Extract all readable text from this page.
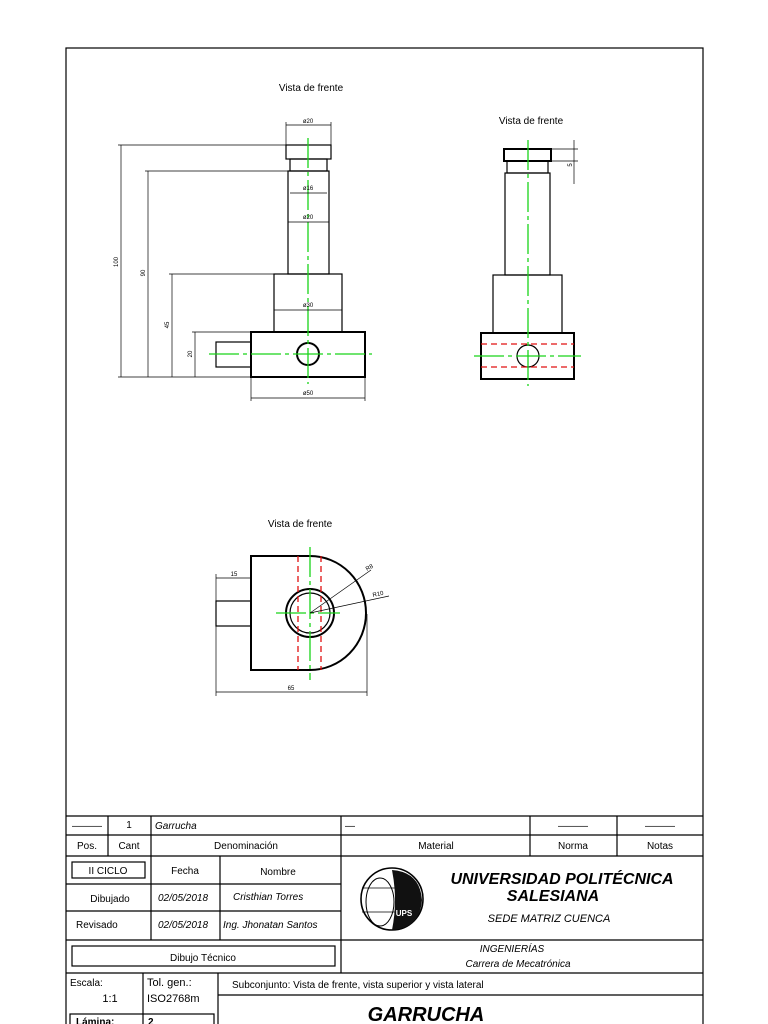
Vista de frente
ø20
ø16
ø20
ø30
ø50
100
90
45
20
Vista de frente
5
Vista de frente
R8
R10
15
65
——— 1 Garrucha	—	———	———
Pos. Cant	Denominación	Material	Norma	Notas
II CICLO	Fecha	Nombre
Dibujado	02/05/2018 Cristhian Torres
Revisado	02/05/2018 Ing. Jhonatan Santos
UPS
UNIVERSIDAD POLITÉCNICA
SALESIANA
SEDE MATRIZ CUENCA
Dibujo Técnico
INGENIERÍAS
Carrera de Mecatrónica
Escala:
1:1
Tol. gen.:
ISO2768m
Subconjunto: Vista de frente, vista superior y vista lateral
Lámina:	2	GARRUCHA
